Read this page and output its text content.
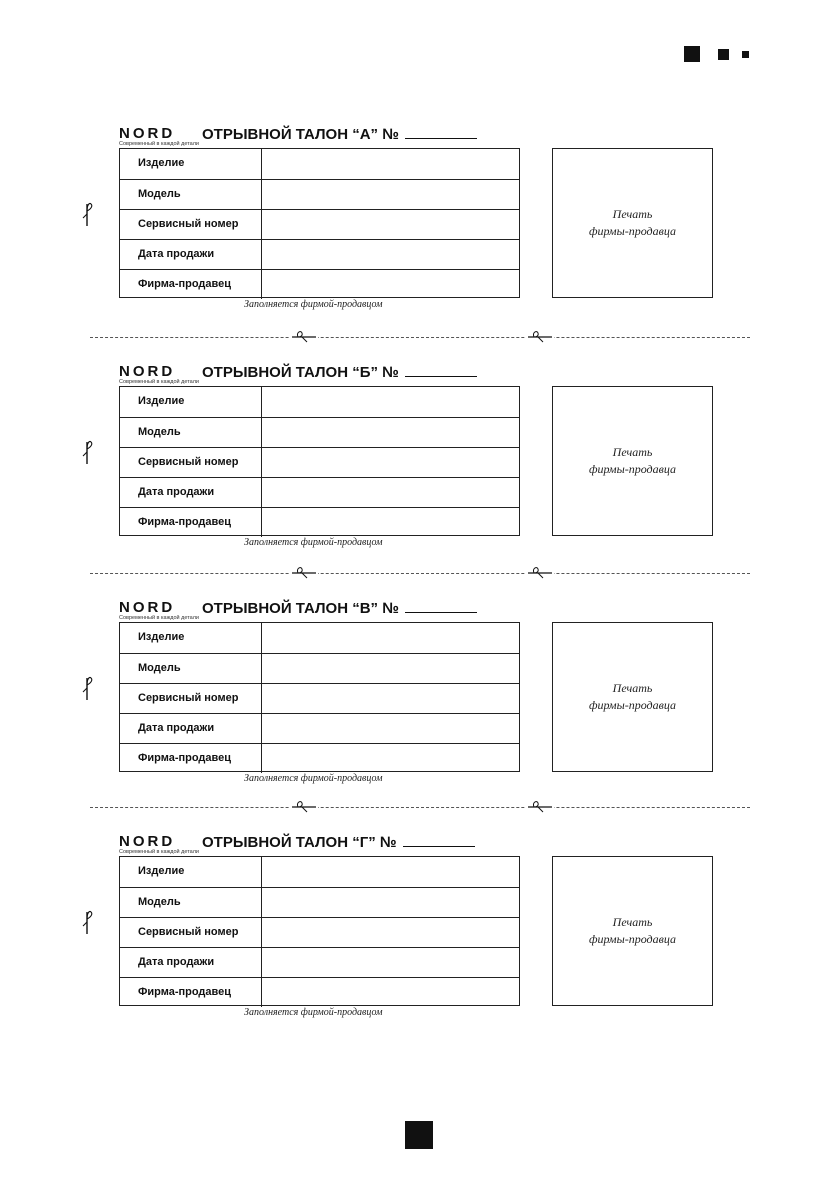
NORD
Современный в каждой детали
ОТРЫВНОЙ ТАЛОН “А” №
Изделие
Модель
Сервисный номер
Дата продажи
Фирма-продавец
Заполняется фирмой-продавцом
Печать
фирмы-продавца
NORD
Современный в каждой детали
ОТРЫВНОЙ ТАЛОН “Б” №
Изделие
Модель
Сервисный номер
Дата продажи
Фирма-продавец
Заполняется фирмой-продавцом
Печать
фирмы-продавца
NORD
Современный в каждой детали
ОТРЫВНОЙ ТАЛОН “В” №
Изделие
Модель
Сервисный номер
Дата продажи
Фирма-продавец
Заполняется фирмой-продавцом
Печать
фирмы-продавца
NORD
Современный в каждой детали
ОТРЫВНОЙ ТАЛОН “Г” №
Изделие
Модель
Сервисный номер
Дата продажи
Фирма-продавец
Заполняется фирмой-продавцом
Печать
фирмы-продавца
